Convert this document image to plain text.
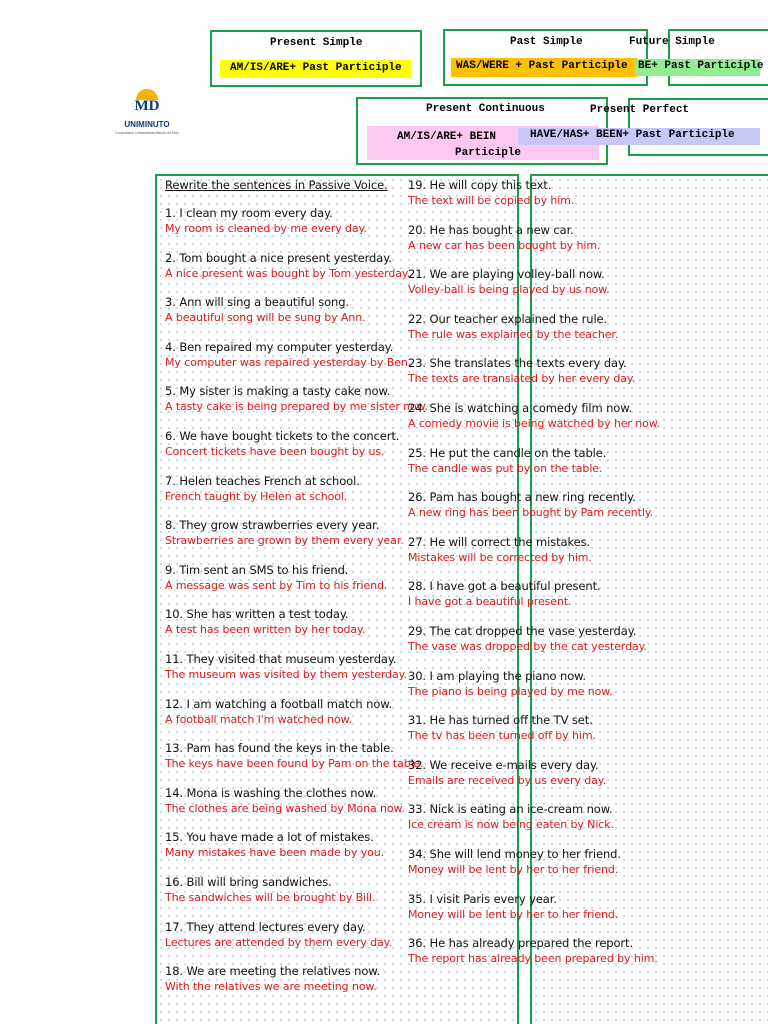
Present Simple
AM/IS/ARE+ Past Participle
Past Simple
WAS/WERE + Past Participle
Future Simple
BE+ Past Participle
Present Continuous
AM/IS/ARE+ BEIN
Participle
Present Perfect
HAVE/HAS+ BEEN+ Past Participle
MD
UNIMINUTO
Corporación Universitaria Minuto de Dios
Rewrite the sentences in Passive Voice.
1. I clean my room every day.
My room is cleaned by me every day.
2. Tom bought a nice present yesterday.
A nice present was bought by Tom yesterday.
3. Ann will sing a beautiful song.
A beautiful song will be sung by Ann.
4. Ben repaired my computer yesterday.
My computer was repaired yesterday by Ben.
5. My sister is making a tasty cake now.
A tasty cake is being prepared by me sister now.
6. We have bought tickets to the concert.
Concert tickets have been bought by us.
7. Helen teaches French at school.
French taught by Helen at school.
8. They grow strawberries every year.
Strawberries are grown by them every year.
9. Tim sent an SMS to his friend.
A message was sent by Tim to his friend.
10. She has written a test today.
A test has been written by her today.
11. They visited that museum yesterday.
The museum was visited by them yesterday.
12. I am watching a football match now.
A football match I'm watched now.
13. Pam has found the keys in the table.
The keys have been found by Pam on the table.
14. Mona is washing the clothes now.
The clothes are being washed by Mona now.
15. You have made a lot of mistakes.
Many mistakes have been made by you.
16. Bill will bring sandwiches.
The sandwiches will be brought by Bill.
17. They attend lectures every day.
Lectures are attended by them every day.
18. We are meeting the relatives now.
With the relatives we are meeting now.
19. He will copy this text.
The text will be copied by him.
20. He has bought a new car.
A new car has been bought by him.
21. We are playing volley-ball now.
Volley-ball is being played by us now.
22. Our teacher explained the rule.
The rule was explained by the teacher.
23. She translates the texts every day.
The texts are translated by her every day.
24. She is watching a comedy film now.
A comedy movie is being watched by her now.
25. He put the candle on the table.
The candle was put by on the table.
26. Pam has bought a new ring recently.
A new ring has been bought by Pam recently.
27. He will correct the mistakes.
Mistakes will be corrected by him.
28. I have got a beautiful present.
I have got a beautiful present.
29. The cat dropped the vase yesterday.
The vase was dropped by the cat yesterday.
30. I am playing the piano now.
The piano is being played by me now.
31. He has turned off the TV set.
The tv has been turned off by him.
32. We receive e-mails every day.
Emails are received by us every day.
33. Nick is eating an ice-cream now.
Ice cream is now being eaten by Nick.
34. She will lend money to her friend.
Money will be lent by her to her friend.
35. I visit Paris every year.
Money will be lent by her to her friend.
36. He has already prepared the report.
The report has already been prepared by him.
